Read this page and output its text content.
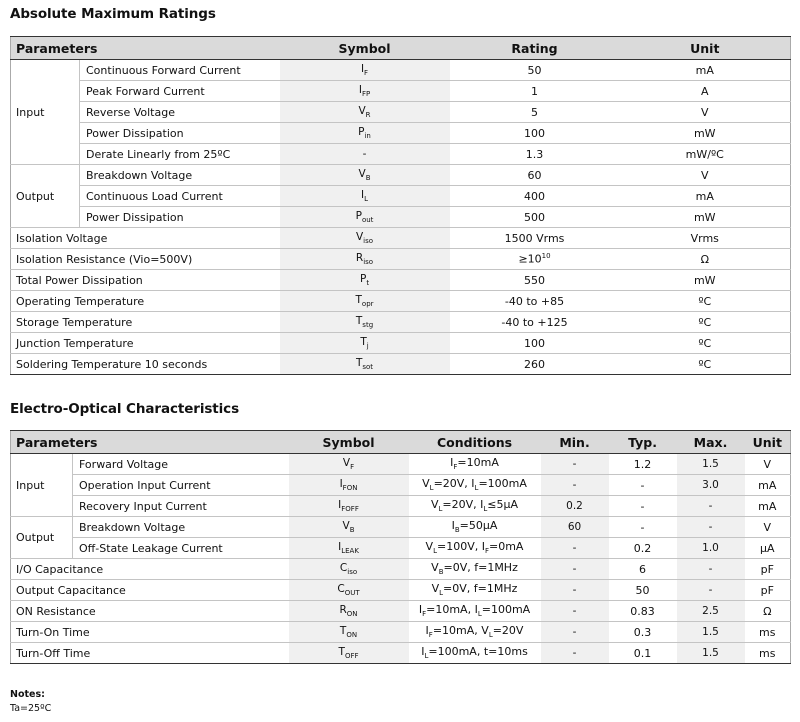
Absolute Maximum Ratings
Parameters		Symbol	Rating	Unit
Input	Continuous Forward Current	$I_F$	50	mA
	Peak Forward Current	$I_{FP}$	1	A
	Reverse Voltage	$V_R$	5	V
	Power Dissipation	$P_{in}$	100	mW
	Derate Linearly from 25ºC	-	1.3	mW/ºC
Output	Breakdown Voltage	$V_B$	60	V
	Continuous Load Current	$I_L$	400	mA
	Power Dissipation	$P_{out}$	500	mW
Isolation Voltage		$V_{iso}$	1500 Vrms	Vrms
Isolation Resistance (Vio=500V)		$R_{iso}$	$\ge 10^{10}$	Ω
Total Power Dissipation		$P_t$	550	mW
Operating Temperature		$T_{opr}$	-40 to +85	ºC
Storage Temperature		$T_{stg}$	-40 to +125	ºC
Junction Temperature		$T_j$	100	ºC
Soldering Temperature 10 seconds		$T_{sot}$	260	ºC
Electro-Optical Characteristics
Parameters		Symbol	Conditions	Min.	Typ.	Max.	Unit
Input	Forward Voltage	$V_F$	$I_F=10mA$	-	1.2	1.5	V
	Operation Input Current	$I_{FON}$	$V_L=20V$, $I_L=100mA$	-	-	3.0	mA
	Recovery Input Current	$I_{FOFF}$	$V_L=20V$, $I_L\le 5\mu A$	0.2	-	-	mA
Output	Breakdown Voltage	$V_B$	$I_B=50\mu A$	60	-	-	V
	Off-State Leakage Current	$I_{LEAK}$	$V_L=100V$, $I_F=0mA$	-	0.2	1.0	µA
I/O Capacitance		$C_{iso}$	$V_B=0V$, f=1MHz	-	6	-	pF
Output Capacitance		$C_{OUT}$	$V_L=0V$, f=1MHz	-	50	-	pF
ON Resistance		$R_{ON}$	$I_F=10mA$, $I_L=100mA$	-	0.83	2.5	Ω
Turn-On Time		$T_{ON}$	$I_F=10mA$, $V_L=20V$	-	0.3	1.5	ms
Turn-Off Time		$T_{OFF}$	$I_L=100mA$, t=10ms	-	0.1	1.5	ms
Notes:
Ta=25ºC
